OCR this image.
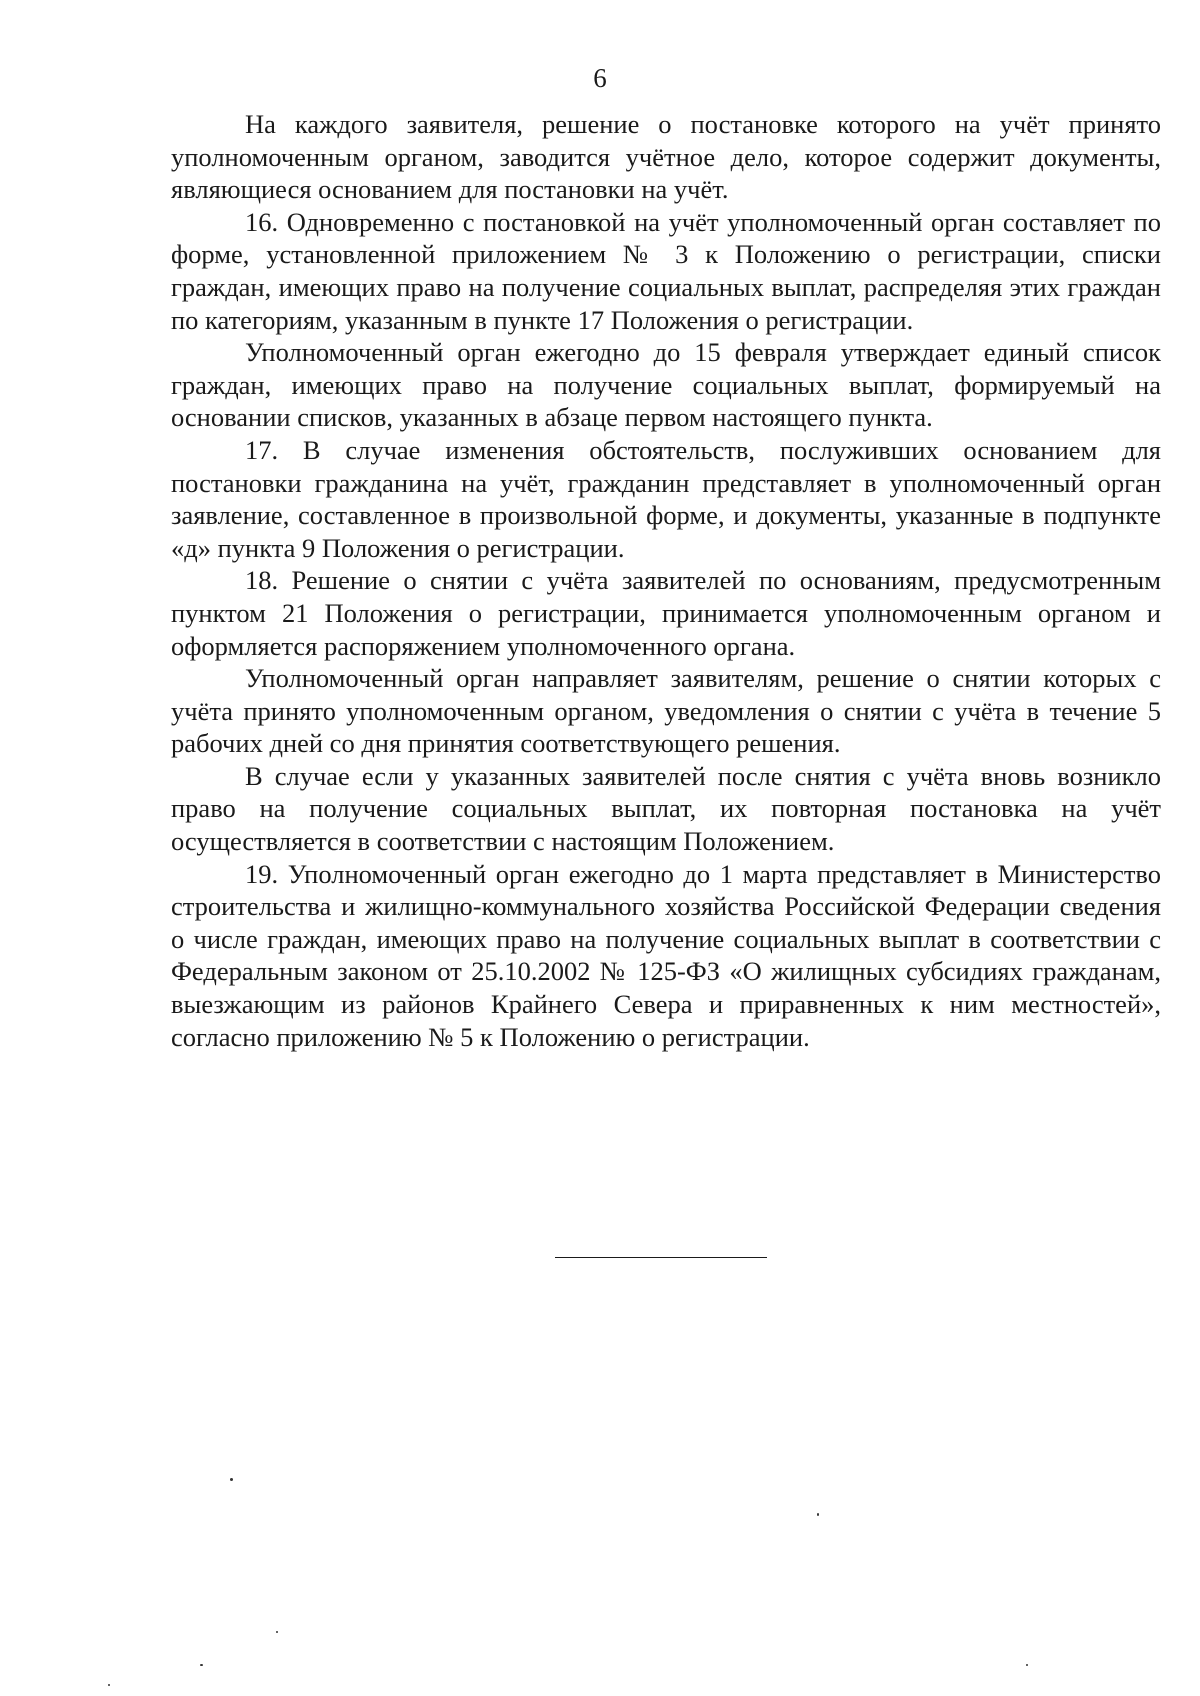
6

На каждого заявителя, решение о постановке которого на учёт принято уполномоченным органом, заводится учётное дело, которое содержит документы, являющиеся основанием для постановки на учёт.

16. Одновременно с постановкой на учёт уполномоченный орган составляет по форме, установленной приложением № 3 к Положению о регистрации, списки граждан, имеющих право на получение социальных выплат, распределяя этих граждан по категориям, указанным в пункте 17 Положения о регистрации.

Уполномоченный орган ежегодно до 15 февраля утверждает единый список граждан, имеющих право на получение социальных выплат, формируемый на основании списков, указанных в абзаце первом настоящего пункта.

17. В случае изменения обстоятельств, послуживших основанием для постановки гражданина на учёт, гражданин представляет в уполномоченный орган заявление, составленное в произвольной форме, и документы, указанные в подпункте «д» пункта 9 Положения о регистрации.

18. Решение о снятии с учёта заявителей по основаниям, предусмотренным пунктом 21 Положения о регистрации, принимается уполномоченным органом и оформляется распоряжением уполномоченного органа.

Уполномоченный орган направляет заявителям, решение о снятии которых с учёта принято уполномоченным органом, уведомления о снятии с учёта в течение 5 рабочих дней со дня принятия соответствующего решения.

В случае если у указанных заявителей после снятия с учёта вновь возникло право на получение социальных выплат, их повторная постановка на учёт осуществляется в соответствии с настоящим Положением.

19. Уполномоченный орган ежегодно до 1 марта представляет в Министерство строительства и жилищно-коммунального хозяйства Российской Федерации сведения о числе граждан, имеющих право на получение социальных выплат в соответствии с Федеральным законом от 25.10.2002 № 125-ФЗ «О жилищных субсидиях гражданам, выезжающим из районов Крайнего Севера и приравненных к ним местностей», согласно приложению № 5 к Положению о регистрации.
